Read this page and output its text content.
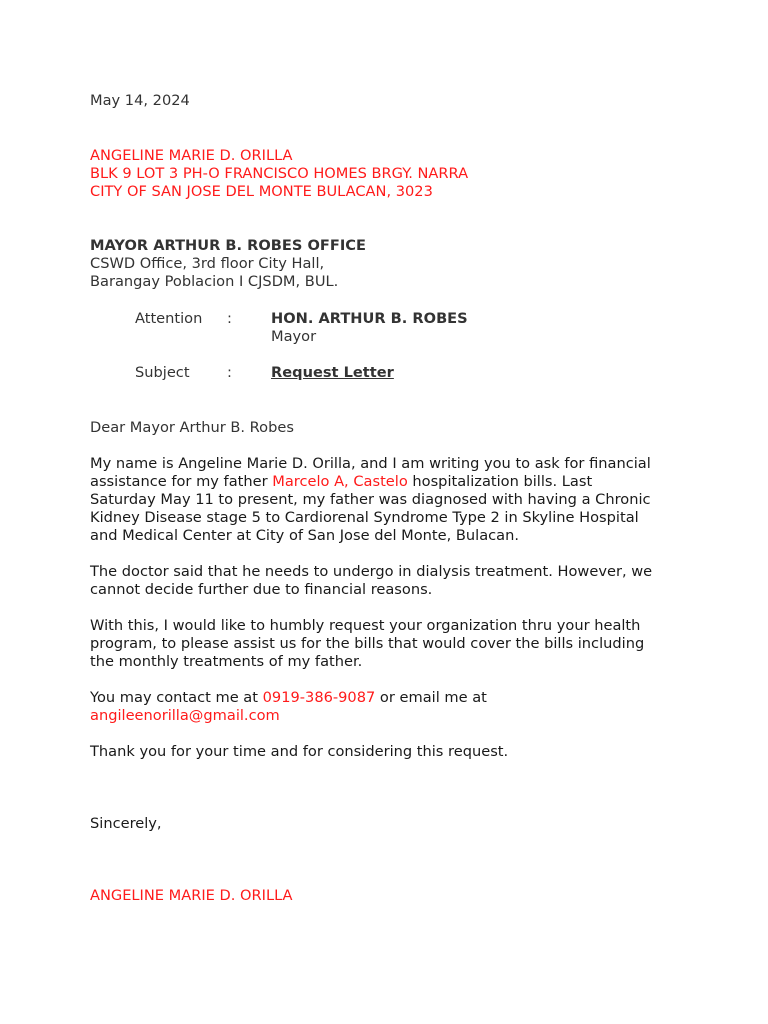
May 14, 2024
ANGELINE MARIE D. ORILLA
BLK 9 LOT 3 PH-O FRANCISCO HOMES BRGY. NARRA
CITY OF SAN JOSE DEL MONTE BULACAN, 3023
MAYOR ARTHUR B. ROBES OFFICE
CSWD Office, 3rd floor City Hall,
Barangay Poblacion I CJSDM, BUL.
Attention	:	HON. ARTHUR B. ROBES
Mayor
Subject	:	Request Letter
Dear Mayor Arthur B. Robes
My name is Angeline Marie D. Orilla, and I am writing you to ask for financial
assistance for my father Marcelo A, Castelo hospitalization bills. Last
Saturday May 11 to present, my father was diagnosed with having a Chronic
Kidney Disease stage 5 to Cardiorenal Syndrome Type 2 in Skyline Hospital
and Medical Center at City of San Jose del Monte, Bulacan.
The doctor said that he needs to undergo in dialysis treatment. However, we
cannot decide further due to financial reasons.
With this, I would like to humbly request your organization thru your health
program, to please assist us for the bills that would cover the bills including
the monthly treatments of my father.
You may contact me at 0919-386-9087 or email me at
angileenorilla@gmail.com
Thank you for your time and for considering this request.
Sincerely,
ANGELINE MARIE D. ORILLA
